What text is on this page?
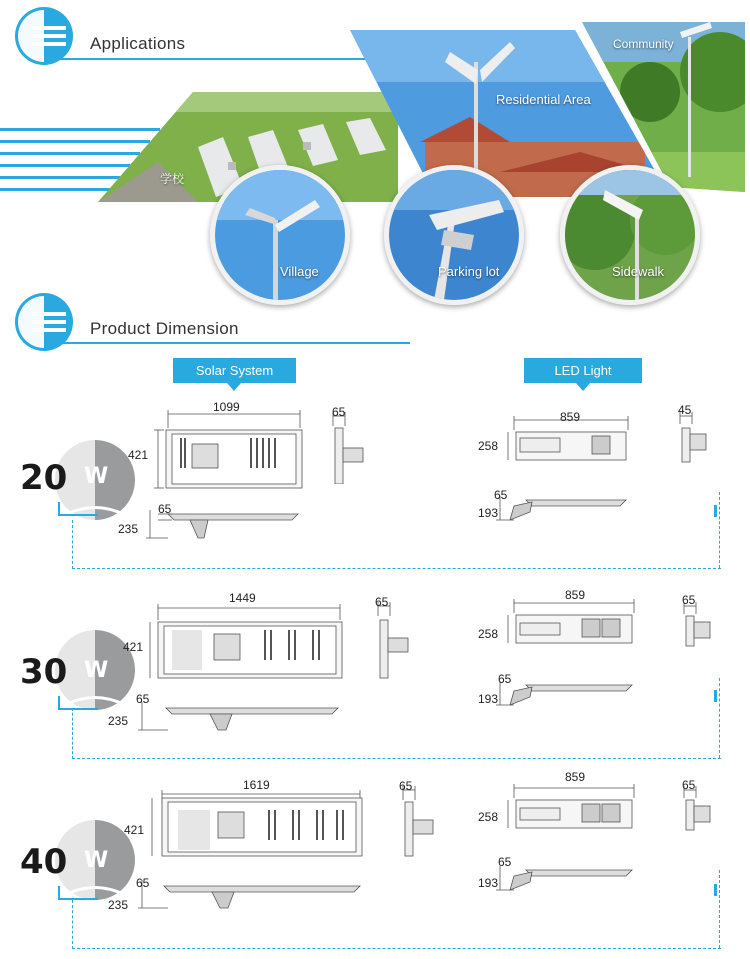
Applications
学校
Residential Area
Community
Village	Parking lot	Sidewalk
Product Dimension
Solar System	LED Light
20 W
1099
421
65
235
65	859
258
65
193
45
30 W
1449
421
65
235
65	859
258
65
193
65
40 W
1619
421
65
235
65
859
258
65
193
65
